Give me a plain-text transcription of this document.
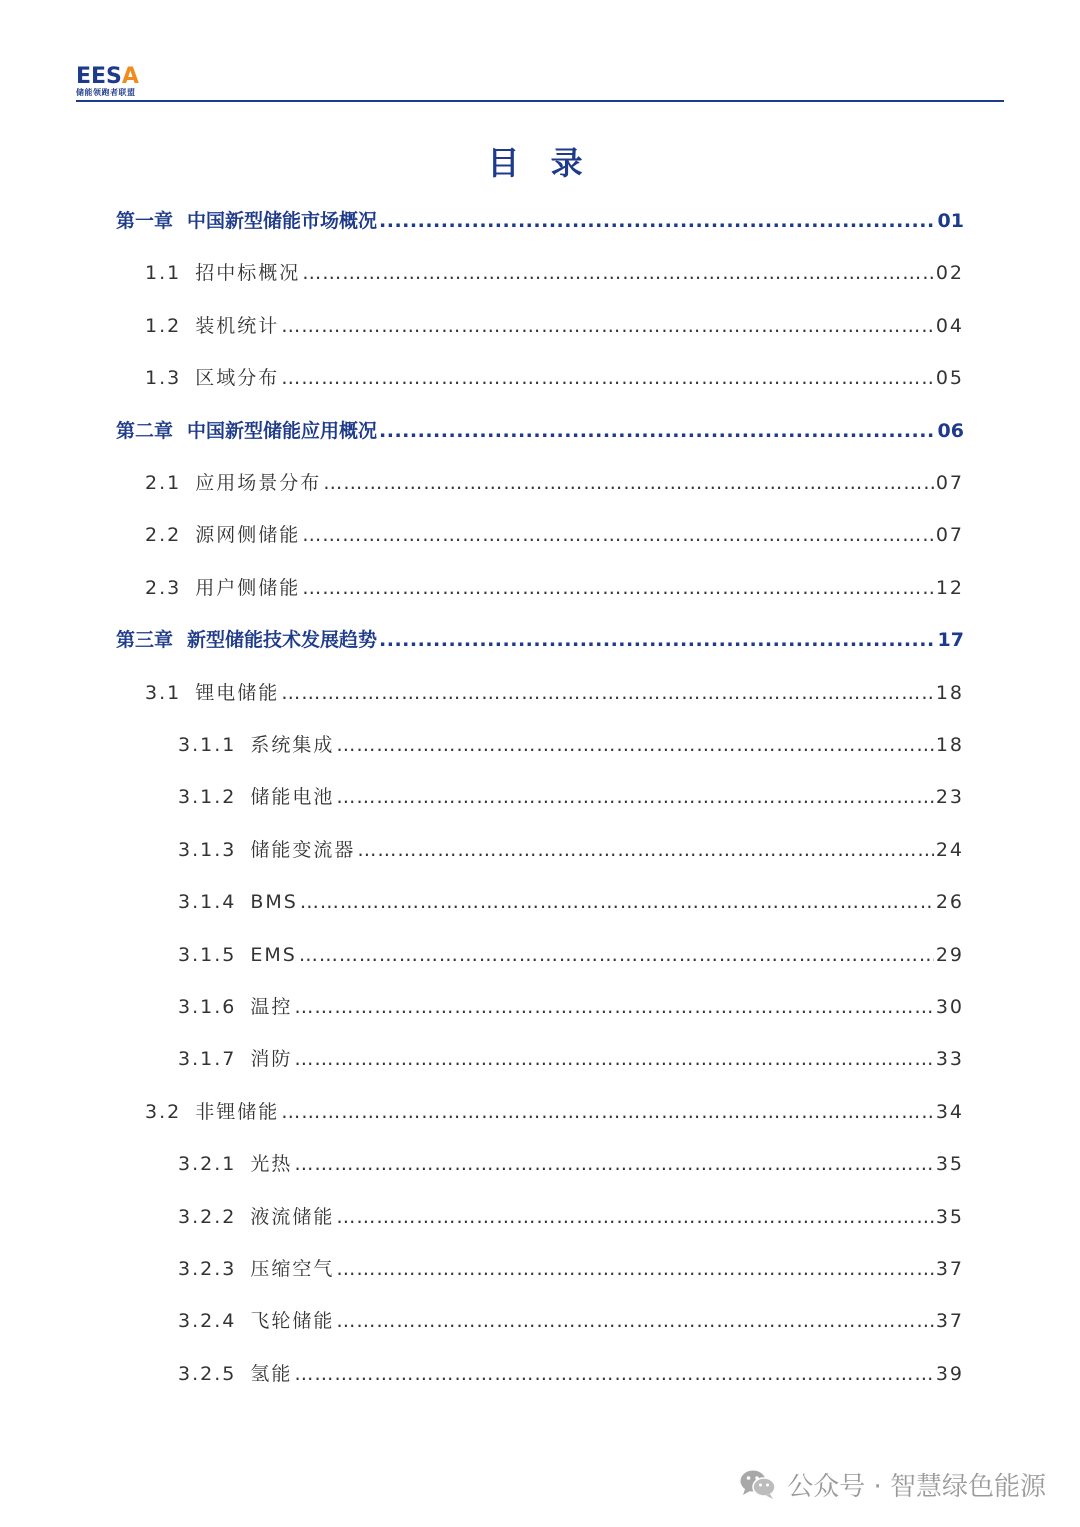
EESA
储能领跑者联盟
目 录
第一章 中国新型储能市场概况 .....	01
1.1 招中标概况 …………………………………………………………………………………………………………………………………………………………………………………………………………………………………………………………………………	02
1.2 装机统计 …………………………………………………………………………………………………………………………………………………………………………………………………………………………………………………………………………	04
1.3 区域分布 …………………………………………………………………………………………………………………………………………………………………………………………………………………………………………………………………………	05
第二章 中国新型储能应用概况 .....	06
2.1 应用场景分布 …………………………………………………………………………………………………………………………………………………………………………………………………………………………………………………………………………	07
2.2 源网侧储能 …………………………………………………………………………………………………………………………………………………………………………………………………………………………………………………………………………	07
2.3 用户侧储能 …………………………………………………………………………………………………………………………………………………………………………………………………………………………………………………………………………	12
第三章 新型储能技术发展趋势 .....	17
3.1 锂电储能 …………………………………………………………………………………………………………………………………………………………………………………………………………………………………………………………………………	18
3.1.1 系统集成 …………………………………………………………………………………………………………………………………………………………………………………………………………………………………………………………………………	18
3.1.2 储能电池 …………………………………………………………………………………………………………………………………………………………………………………………………………………………………………………………………………	23
3.1.3 储能变流器 …………………………………………………………………………………………………………………………………………………………………………………………………………………………………………………………………………	24
3.1.4 BMS …………………………………………………………………………………………………………………………………………………………………………………………………………………………………………………………………………	26
3.1.5 EMS …………………………………………………………………………………………………………………………………………………………………………………………………………………………………………………………………………	29
3.1.6 温控 …………………………………………………………………………………………………………………………………………………………………………………………………………………………………………………………………………	30
3.1.7 消防 …………………………………………………………………………………………………………………………………………………………………………………………………………………………………………………………………………	33
3.2 非锂储能 …………………………………………………………………………………………………………………………………………………………………………………………………………………………………………………………………………	34
3.2.1 光热 …………………………………………………………………………………………………………………………………………………………………………………………………………………………………………………………………………	35
3.2.2 液流储能 …………………………………………………………………………………………………………………………………………………………………………………………………………………………………………………………………………	35
3.2.3 压缩空气 …………………………………………………………………………………………………………………………………………………………………………………………………………………………………………………………………………	37
3.2.4 飞轮储能 …………………………………………………………………………………………………………………………………………………………………………………………………………………………………………………………………………	37
3.2.5 氢能 …………………………………………………………………………………………………………………………………………………………………………………………………………………………………………………………………………	39
公众号 · 智慧绿色能源
